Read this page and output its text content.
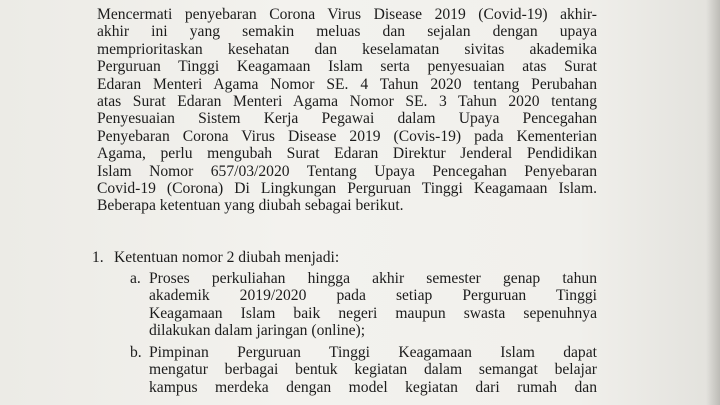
Mencermati penyebaran Corona Virus Disease 2019 (Covid-19) akhir-
akhir ini yang semakin meluas dan sejalan dengan upaya
memprioritaskan kesehatan dan keselamatan sivitas akademika
Perguruan Tinggi Keagamaan Islam serta penyesuaian atas Surat
Edaran Menteri Agama Nomor SE. 4 Tahun 2020 tentang Perubahan
atas Surat Edaran Menteri Agama Nomor SE. 3 Tahun 2020 tentang
Penyesuaian Sistem Kerja Pegawai dalam Upaya Pencegahan
Penyebaran Corona Virus Disease 2019 (Covis-19) pada Kementerian
Agama, perlu mengubah Surat Edaran Direktur Jenderal Pendidikan
Islam Nomor 657/03/2020 Tentang Upaya Pencegahan Penyebaran
Covid-19 (Corona) Di Lingkungan Perguruan Tinggi Keagamaan Islam.
Beberapa ketentuan yang diubah sebagai berikut.
1. Ketentuan nomor 2 diubah menjadi:
a. Proses perkuliahan hingga akhir semester genap tahun
akademik 2019/2020 pada setiap Perguruan Tinggi
Keagamaan Islam baik negeri maupun swasta sepenuhnya
dilakukan dalam jaringan (online);
b. Pimpinan Perguruan Tinggi Keagamaan Islam dapat
mengatur berbagai bentuk kegiatan dalam semangat belajar
kampus merdeka dengan model kegiatan dari rumah dan
